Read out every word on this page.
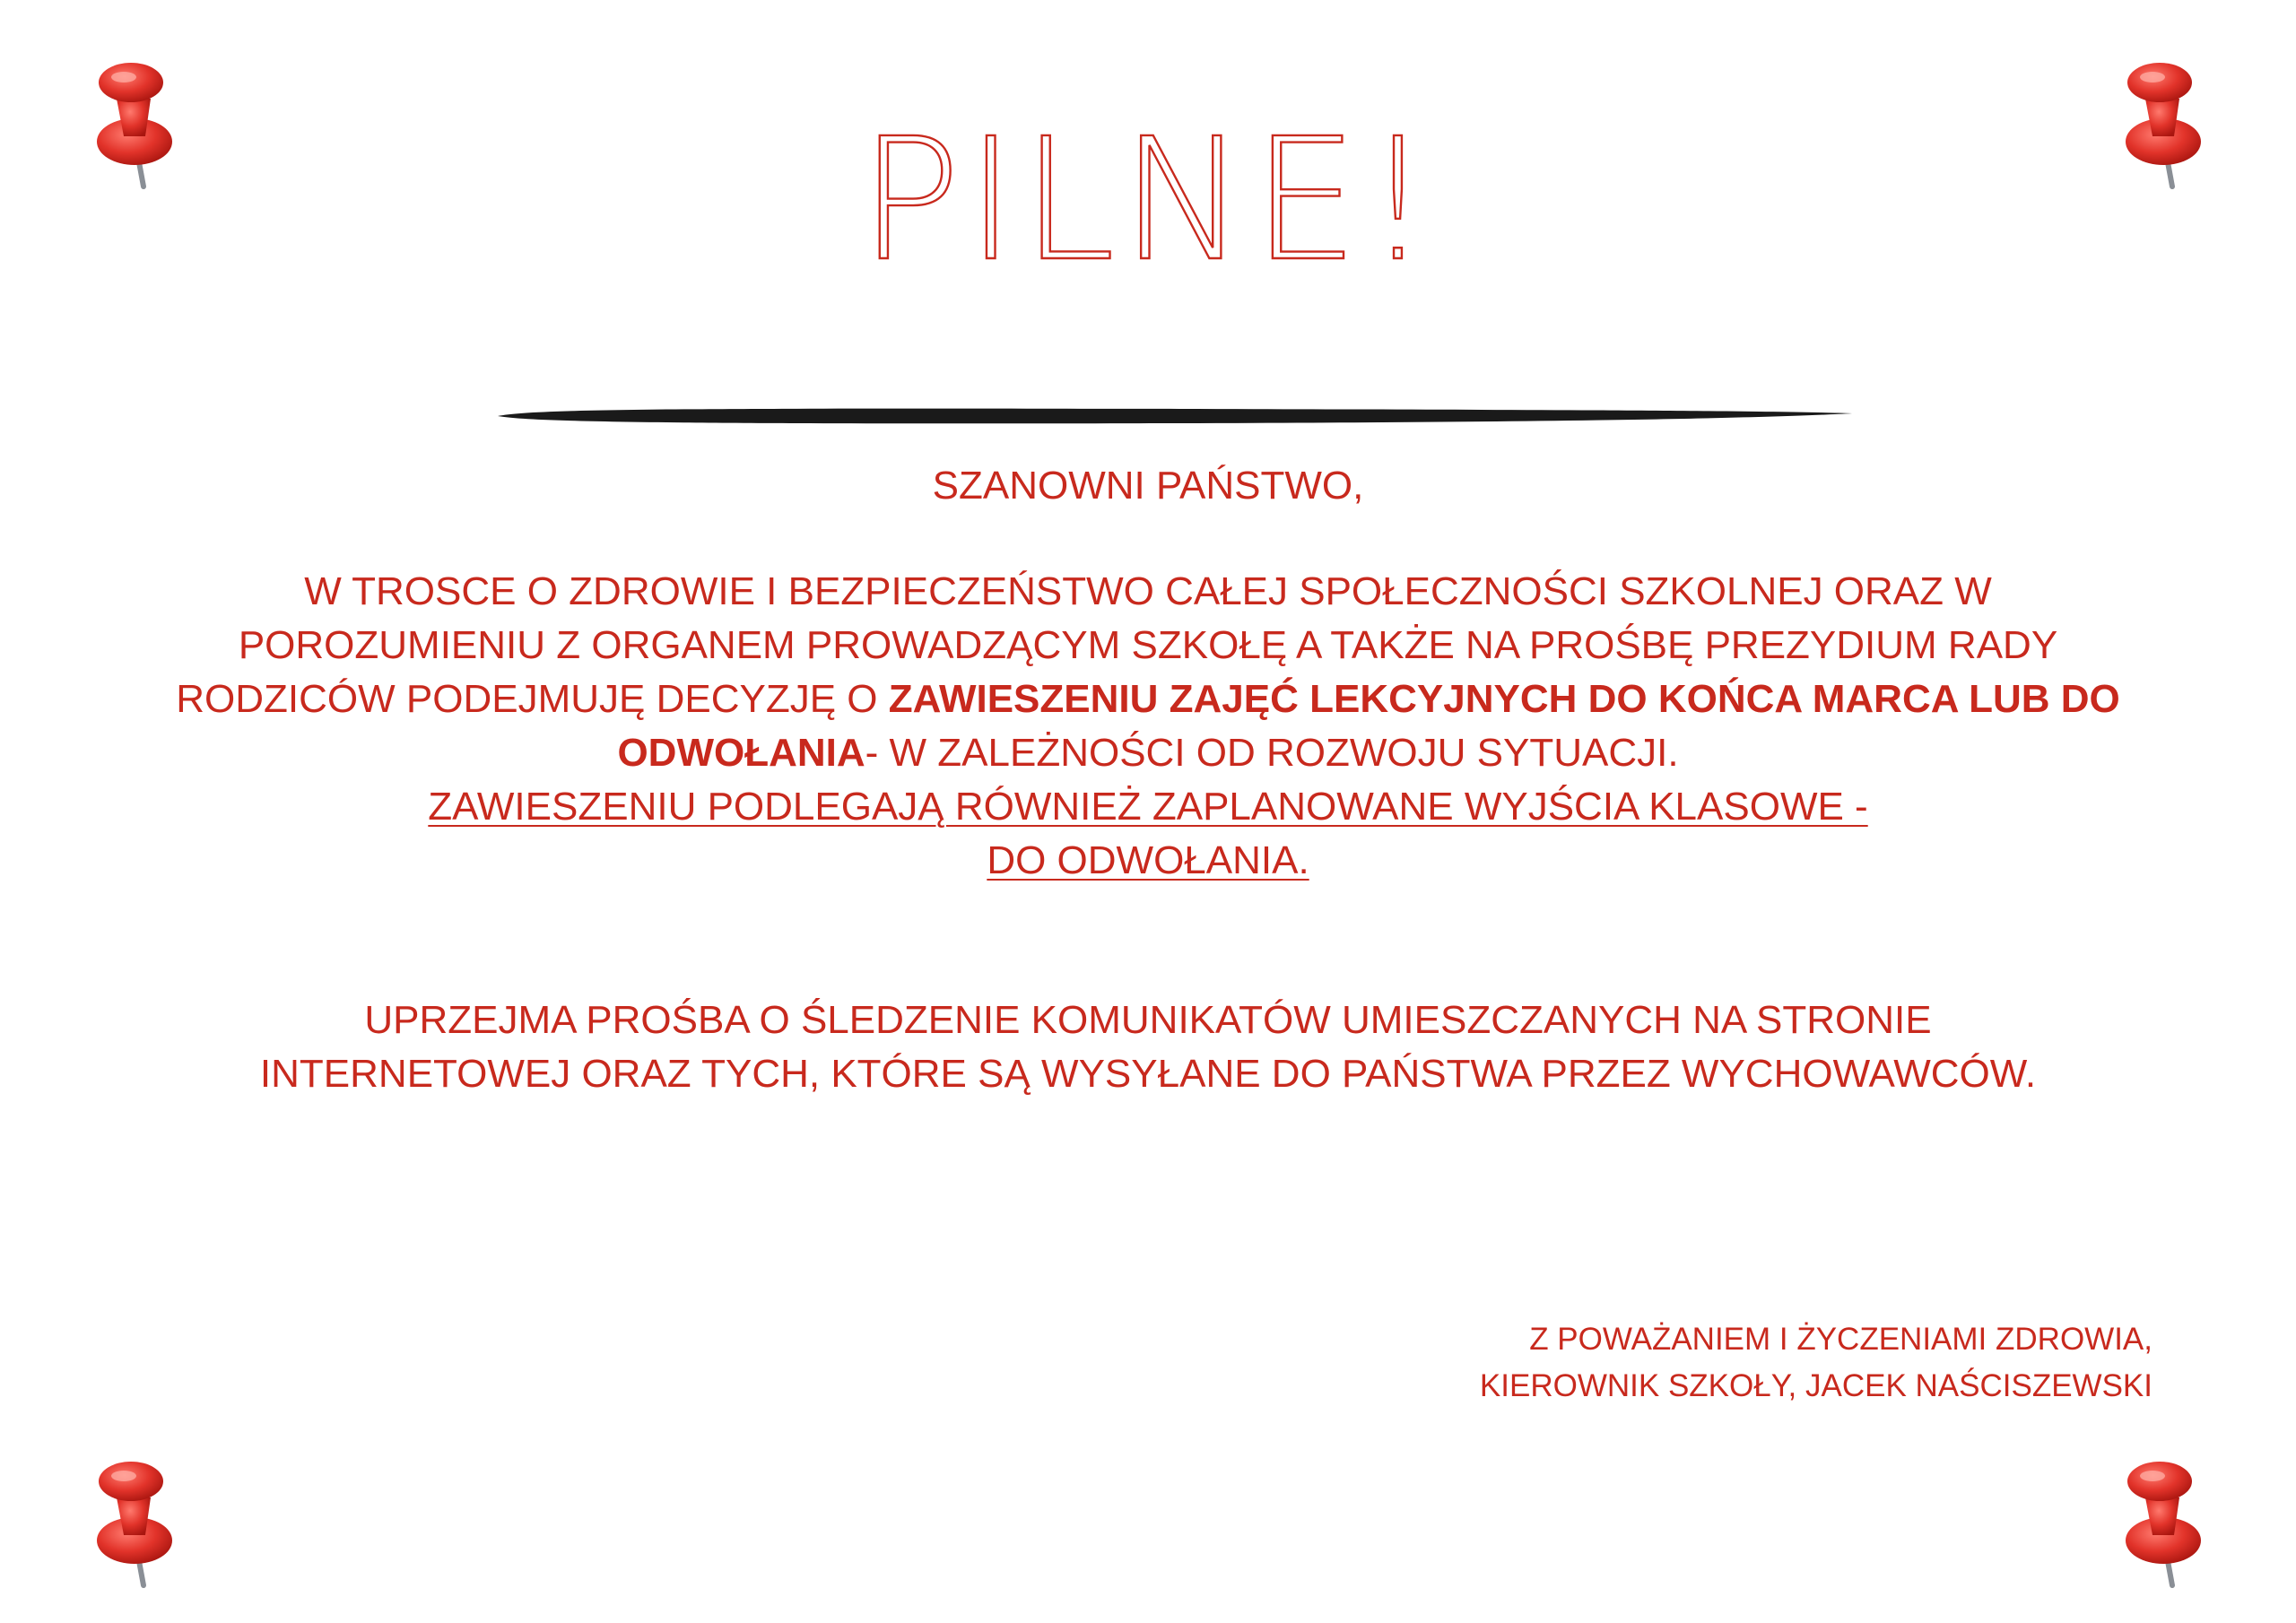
PILNE!
SZANOWNI PAŃSTWO,
W TROSCE O ZDROWIE I BEZPIECZEŃSTWO CAŁEJ SPOŁECZNOŚCI SZKOLNEJ ORAZ W POROZUMIENIU Z ORGANEM PROWADZĄCYM SZKOŁĘ A TAKŻE NA PROŚBĘ PREZYDIUM RADY RODZICÓW PODEJMUJĘ DECYZJĘ O ZAWIESZENIU ZAJĘĆ LEKCYJNYCH DO KOŃCA MARCA LUB DO ODWOŁANIA- W ZALEŻNOŚCI OD ROZWOJU SYTUACJI.
ZAWIESZENIU PODLEGAJĄ RÓWNIEŻ ZAPLANOWANE WYJŚCIA KLASOWE -
DO ODWOŁANIA.
UPRZEJMA PROŚBA O ŚLEDZENIE KOMUNIKATÓW UMIESZCZANYCH NA STRONIE INTERNETOWEJ ORAZ TYCH, KTÓRE SĄ WYSYŁANE DO PAŃSTWA PRZEZ WYCHOWAWCÓW.
Z POWAŻANIEM I ŻYCZENIAMI ZDROWIA,
KIEROWNIK SZKOŁY, JACEK NAŚCISZEWSKI
